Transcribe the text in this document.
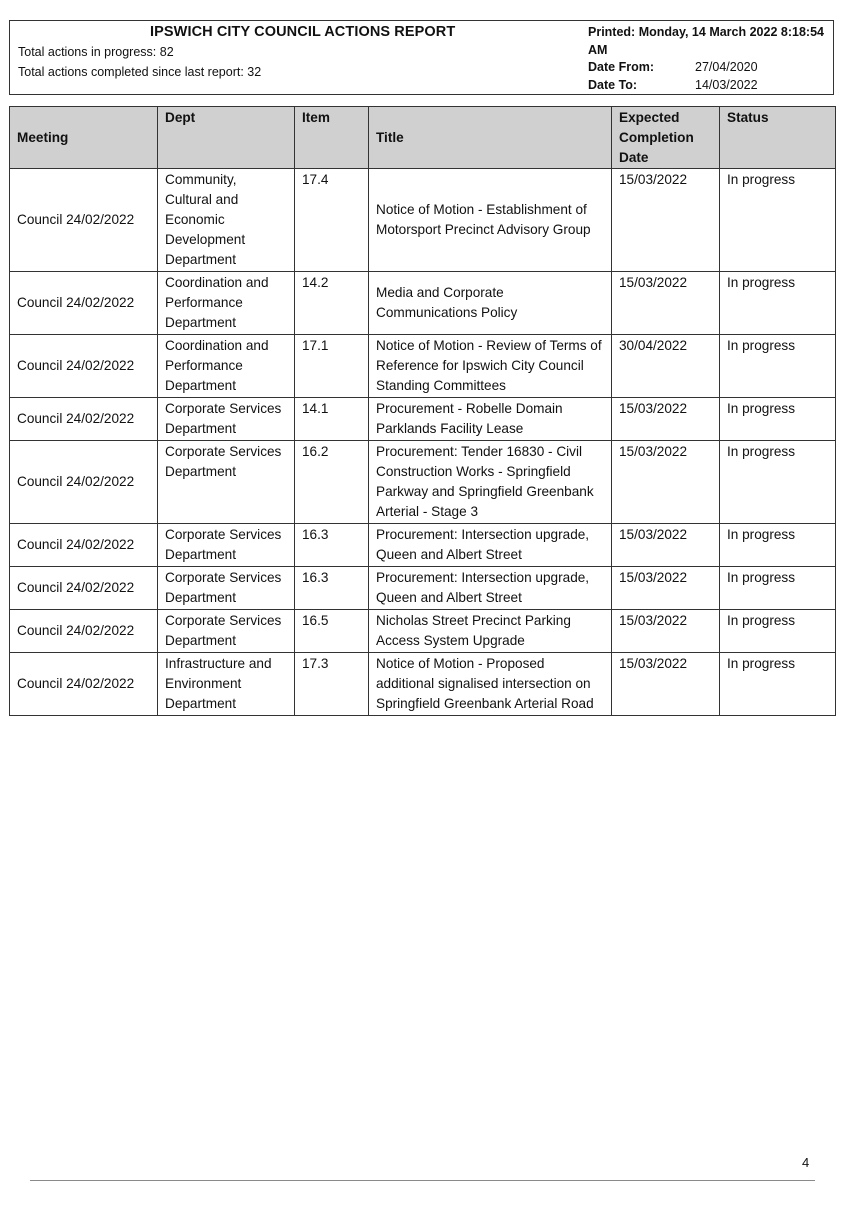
IPSWICH CITY COUNCIL ACTIONS REPORT
Total actions in progress: 82
Total actions completed since last report: 32
Printed: Monday, 14 March 2022 8:18:54 AM
Date From:	27/04/2020
Date To:	14/03/2022
Meeting	Dept	Item	Title	Expected Completion Date	Status
Council 24/02/2022	Community, Cultural and Economic Development Department	17.4	Notice of Motion - Establishment of Motorsport Precinct Advisory Group	15/03/2022	In progress
Council 24/02/2022	Coordination and Performance Department	14.2	Media and Corporate Communications Policy	15/03/2022	In progress
Council 24/02/2022	Coordination and Performance Department	17.1	Notice of Motion - Review of Terms of Reference for Ipswich City Council Standing Committees	30/04/2022	In progress
Council 24/02/2022	Corporate Services Department	14.1	Procurement - Robelle Domain Parklands Facility Lease	15/03/2022	In progress
Council 24/02/2022	Corporate Services Department	16.2	Procurement: Tender 16830 - Civil Construction Works - Springfield Parkway and Springfield Greenbank Arterial - Stage 3	15/03/2022	In progress
Council 24/02/2022	Corporate Services Department	16.3	Procurement: Intersection upgrade, Queen and Albert Street	15/03/2022	In progress
Council 24/02/2022	Corporate Services Department	16.3	Procurement: Intersection upgrade, Queen and Albert Street	15/03/2022	In progress
Council 24/02/2022	Corporate Services Department	16.5	Nicholas Street Precinct Parking Access System Upgrade	15/03/2022	In progress
Council 24/02/2022	Infrastructure and Environment Department	17.3	Notice of Motion - Proposed additional signalised intersection on Springfield Greenbank Arterial Road	15/03/2022	In progress
4
